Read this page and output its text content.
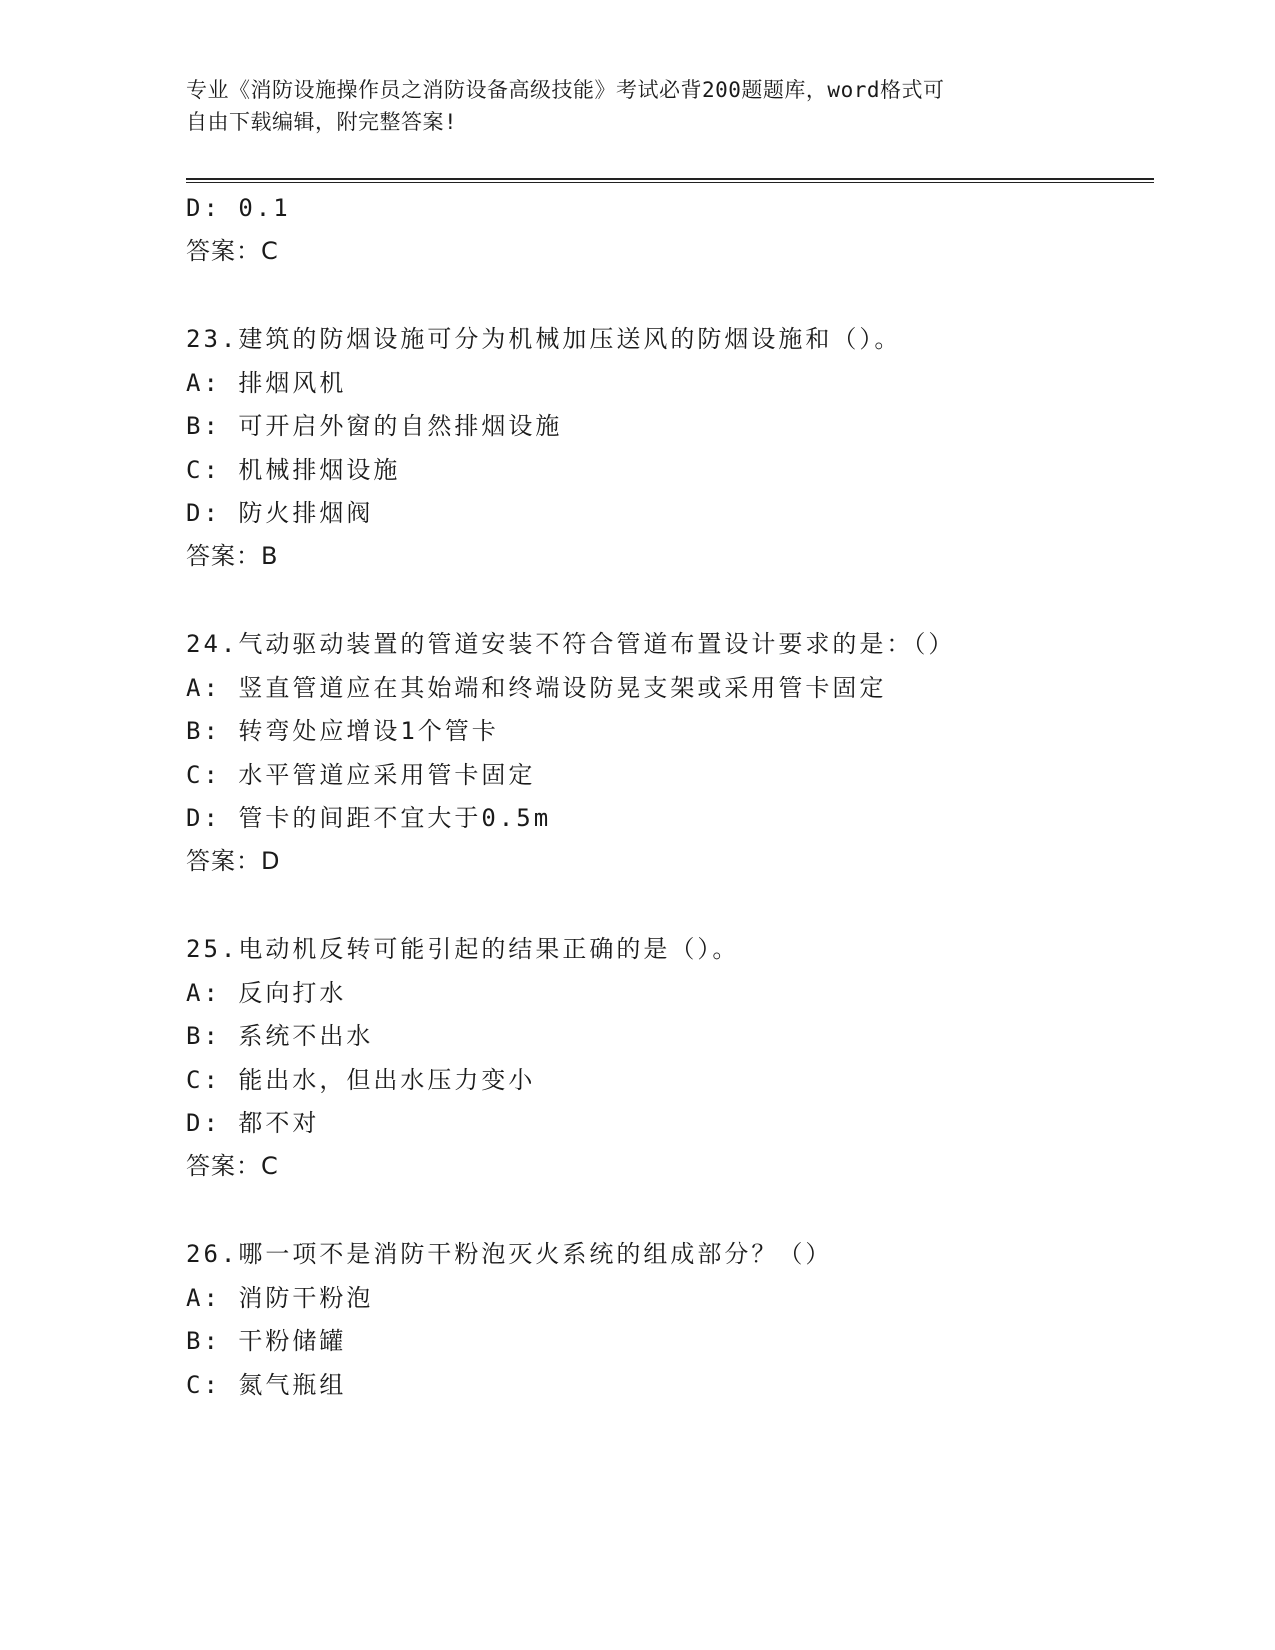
专业《消防设施操作员之消防设备高级技能》考试必背200题题库，word格式可
自由下载编辑，附完整答案!
D: 0.1
答案：C
23.建筑的防烟设施可分为机械加压送风的防烟设施和（）。
A: 排烟风机
B: 可开启外窗的自然排烟设施
C: 机械排烟设施
D: 防火排烟阀
答案：B
24.气动驱动装置的管道安装不符合管道布置设计要求的是：（）
A: 竖直管道应在其始端和终端设防晃支架或采用管卡固定
B: 转弯处应增设1个管卡
C: 水平管道应采用管卡固定
D: 管卡的间距不宜大于0.5m
答案：D
25.电动机反转可能引起的结果正确的是（）。
A: 反向打水
B: 系统不出水
C: 能出水，但出水压力变小
D: 都不对
答案：C
26.哪一项不是消防干粉泡灭火系统的组成部分？（）
A: 消防干粉泡
B: 干粉储罐
C: 氮气瓶组
